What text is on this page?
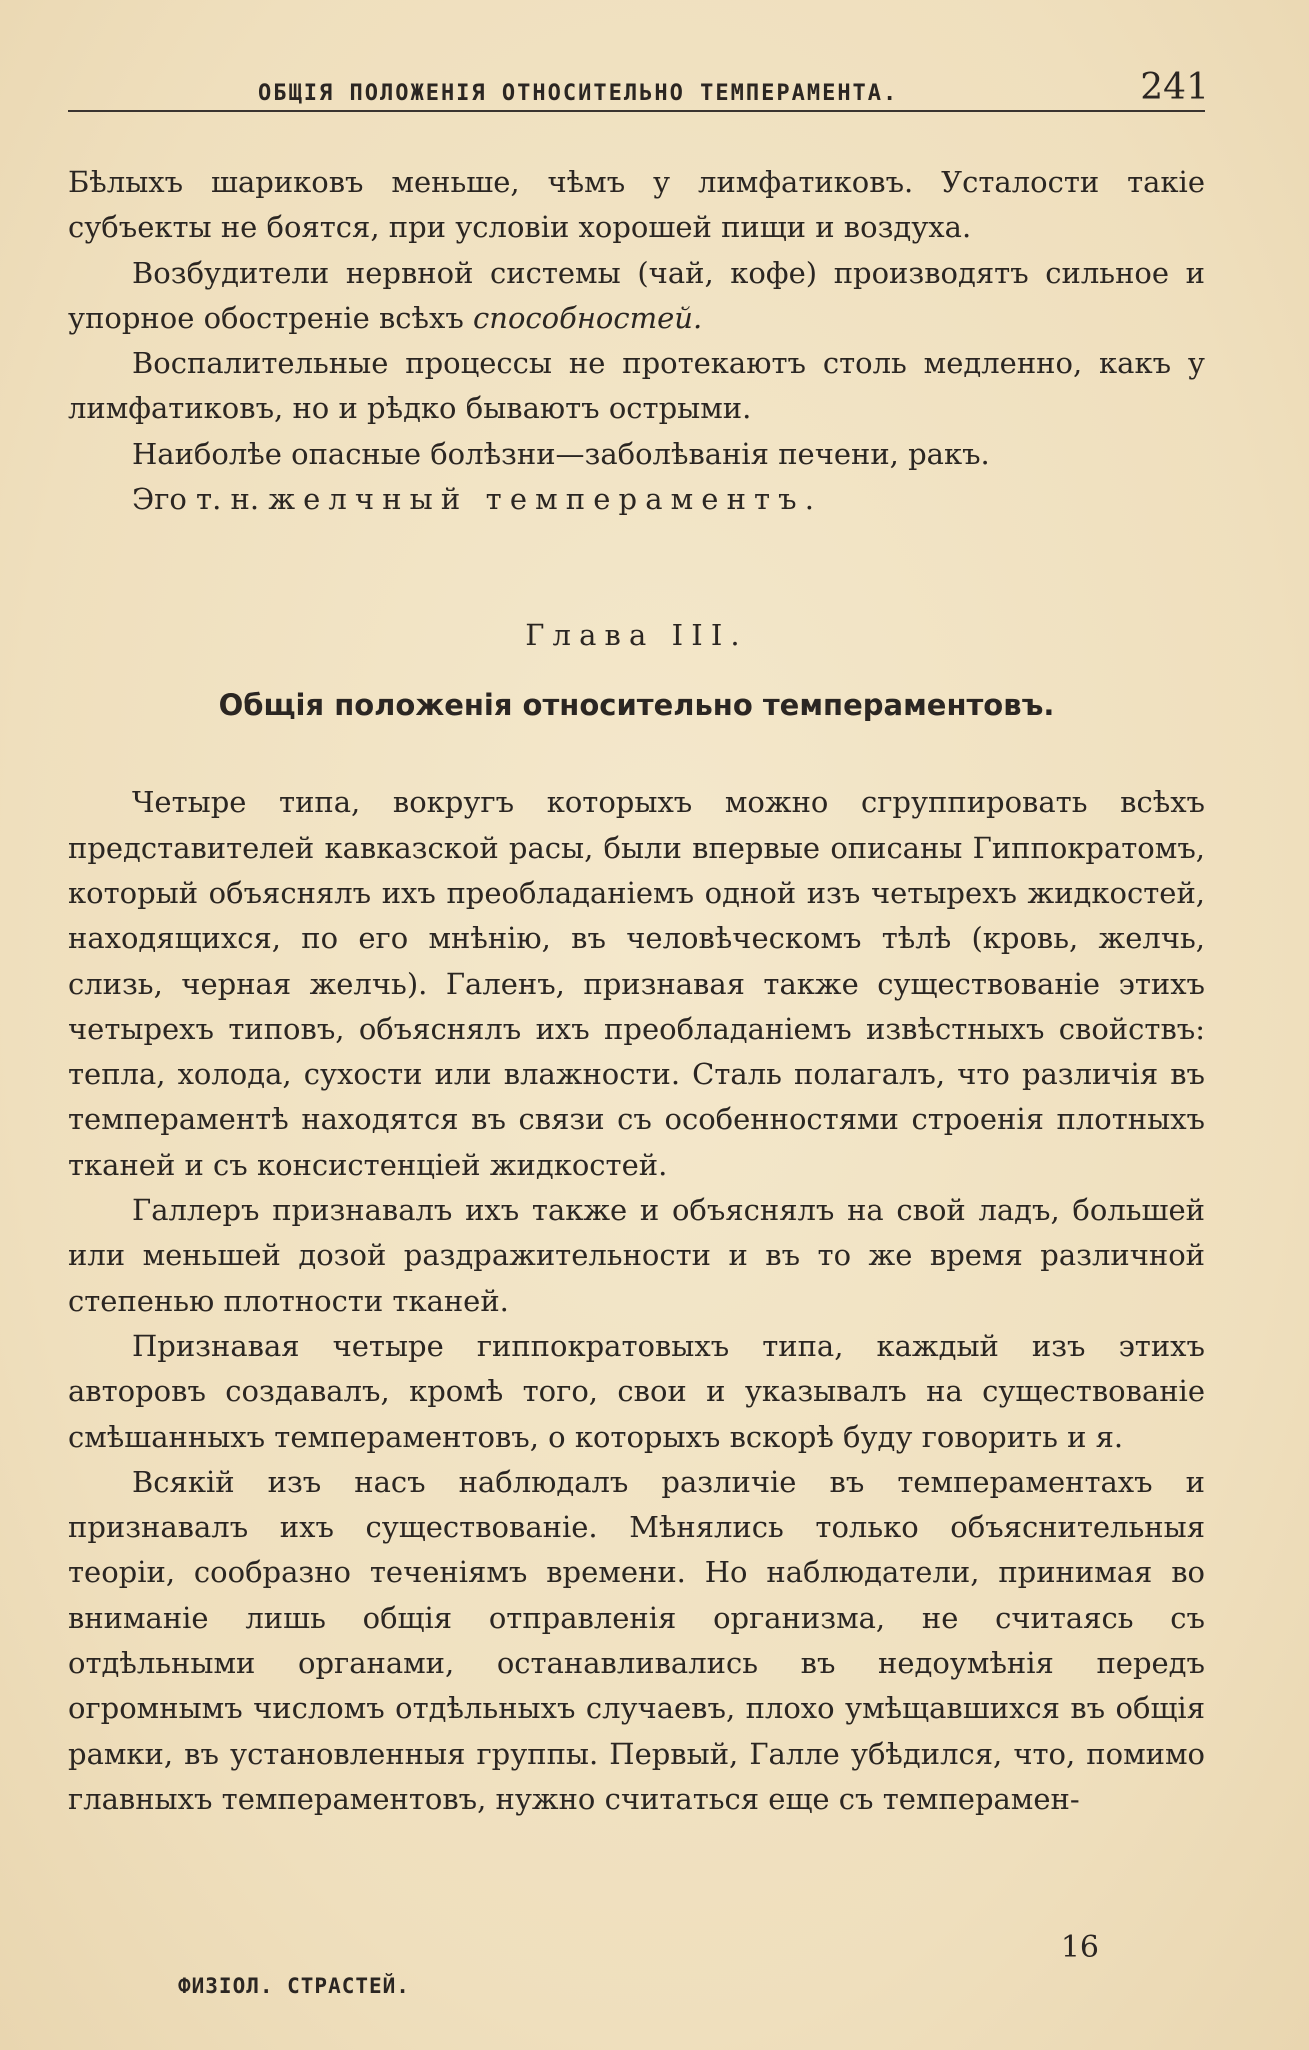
ОБЩІЯ ПОЛОЖЕНІЯ ОТНОСИТЕЛЬНО ТЕМПЕРАМЕНТА.	241

Бѣлыхъ шариковъ меньше, чѣмъ у лимфатиковъ. Усталости такіе субъекты не боятся, при условіи хорошей пищи и воздуха.

Возбудители нервной системы (чай, кофе) производятъ сильное и упорное обостреніе всѣхъ способностей.

Воспалительные процессы не протекаютъ столь медленно, какъ у лимфатиковъ, но и рѣдко бываютъ острыми.

Наиболѣе опасные болѣзни—заболѣванія печени, ракъ.

Эго т. н. желчный темпераментъ.

Глава III.
Общія положенія относительно темпераментовъ.

Четыре типа, вокругъ которыхъ можно сгруппировать всѣхъ представителей кавказской расы, были впервые описаны Гиппократомъ, который объяснялъ ихъ преобладаніемъ одной изъ четырехъ жидкостей, находящихся, по его мнѣнію, въ человѣческомъ тѣлѣ (кровь, желчь, слизь, черная желчь). Галенъ, признавая также существованіе этихъ четырехъ типовъ, объяснялъ ихъ преобладаніемъ извѣстныхъ свойствъ: тепла, холода, сухости или влажности. Сталь полагалъ, что различія въ темпераментѣ находятся въ связи съ особенностями строенія плотныхъ тканей и съ консистенціей жидкостей.

Галлеръ признавалъ ихъ также и объяснялъ на свой ладъ, большей или меньшей дозой раздражительности и въ то же время различной степенью плотности тканей.

Признавая четыре гиппократовыхъ типа, каждый изъ этихъ авторовъ создавалъ, кромѣ того, свои и указывалъ на существованіе смѣшанныхъ темпераментовъ, о которыхъ вскорѣ буду говорить и я.

Всякій изъ насъ наблюдалъ различіе въ темпераментахъ и признавалъ ихъ существованіе. Мѣнялись только объяснительныя теоріи, сообразно теченіямъ времени. Но наблюдатели, принимая во вниманіе лишь общія отправленія организма, не считаясь съ отдѣльными органами, останавливались въ недоумѣнія передъ огромнымъ числомъ отдѣльныхъ случаевъ, плохо умѣщавшихся въ общія рамки, въ установленныя группы. Первый, Галле убѣдился, что, помимо главныхъ темпераментовъ, нужно считаться еще съ темперамен-

ФИЗІОЛ. СТРАСТЕЙ.
16
